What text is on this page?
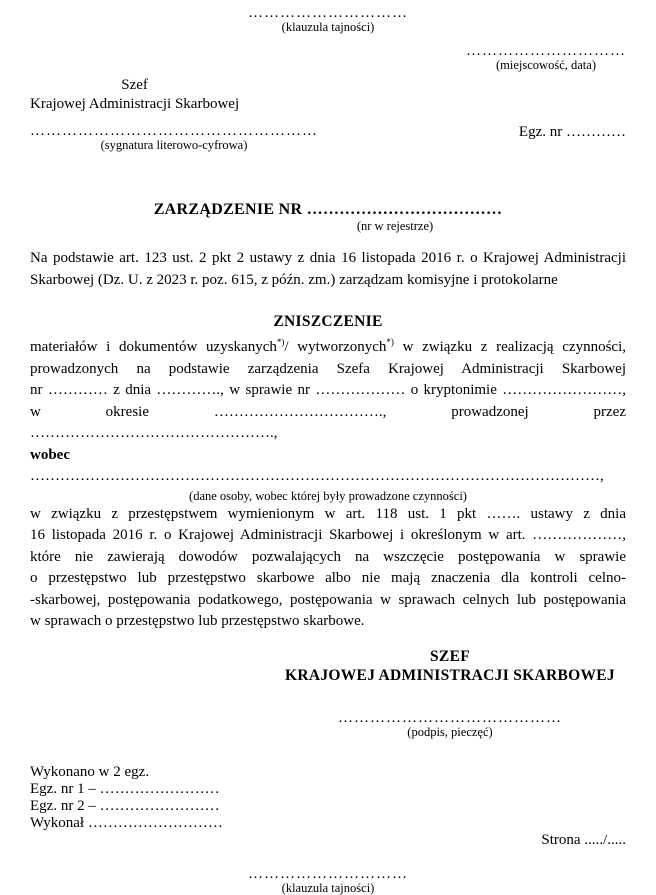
…………………………
(klauzula tajności)
…………………………
(miejscowość, data)
Szef
Krajowej Administracji Skarbowej
………………………………………………
(sygnatura literowo-cyfrowa)
Egz. nr …………
ZARZĄDZENIE NR ………………………………
(nr w rejestrze)
Na podstawie art. 123 ust. 2 pkt 2 ustawy z dnia 16 listopada 2016 r. o Krajowej Administracji
Skarbowej (Dz. U. z 2023 r. poz. 615, z późn. zm.) zarządzam komisyjne i protokolarne
ZNISZCZENIE
materiałów i dokumentów uzyskanych*)/ wytworzonych*) w związku z realizacją czynności,
prowadzonych na podstawie zarządzenia Szefa Krajowej Administracji Skarbowej
nr ………… z dnia …………., w sprawie nr ……………… o kryptonimie ……………………,
w okresie ……………………………., prowadzonej przez ………………………………………….,
wobec ……………………………………………………………………………………………………,
(dane osoby, wobec której były prowadzone czynności)
w związku z przestępstwem wymienionym w art. 118 ust. 1 pkt ……. ustawy z dnia
16 listopada 2016 r. o Krajowej Administracji Skarbowej i określonym w art. ………………,
które nie zawierają dowodów pozwalających na wszczęcie postępowania w sprawie
o przestępstwo lub przestępstwo skarbowe albo nie mają znaczenia dla kontroli celno-
-skarbowej, postępowania podatkowego, postępowania w sprawach celnych lub postępowania
w sprawach o przestępstwo lub przestępstwo skarbowe.
SZEF
KRAJOWEJ ADMINISTRACJI SKARBOWEJ
……………………………………
(podpis, pieczęć)
Wykonano w 2 egz.
Egz. nr 1 – ……………………
Egz. nr 2 – ……………………
Wykonał ………………………
Strona ...../.....
…………………………
(klauzula tajności)
